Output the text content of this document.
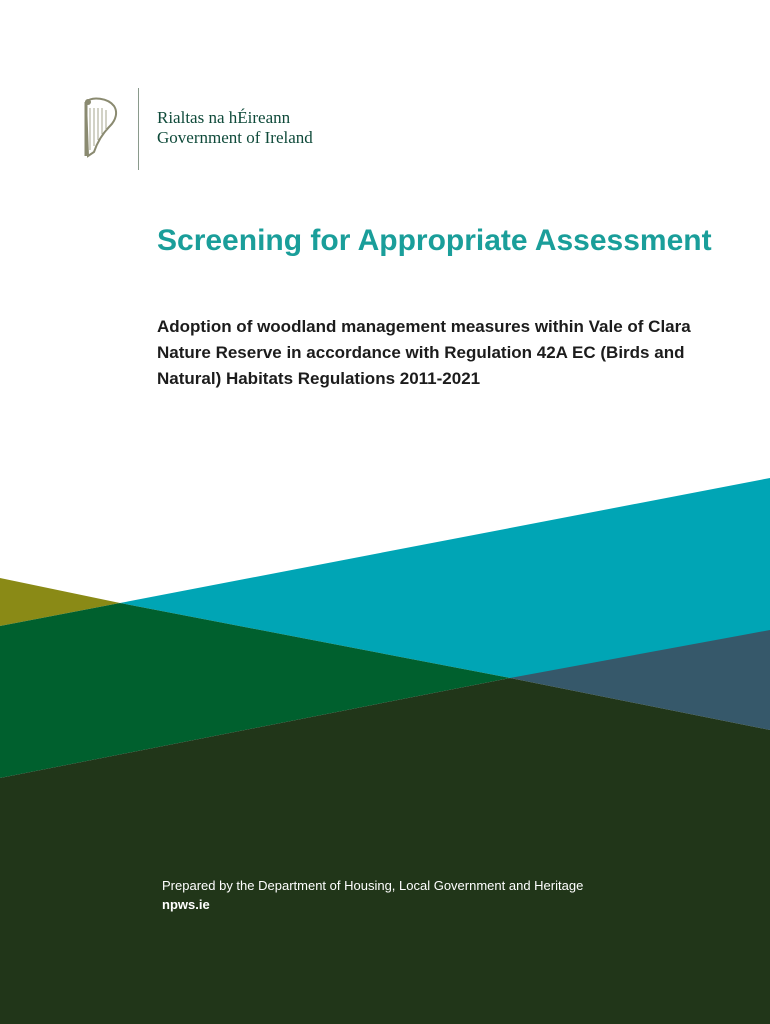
Rialtas na hÉireann
Government of Ireland
Screening for Appropriate Assessment

Adoption of woodland management measures within Vale of Clara Nature Reserve in accordance with Regulation 42A EC (Birds and Natural) Habitats Regulations 2011-2021

Prepared by the Department of Housing, Local Government and Heritage
npws.ie
